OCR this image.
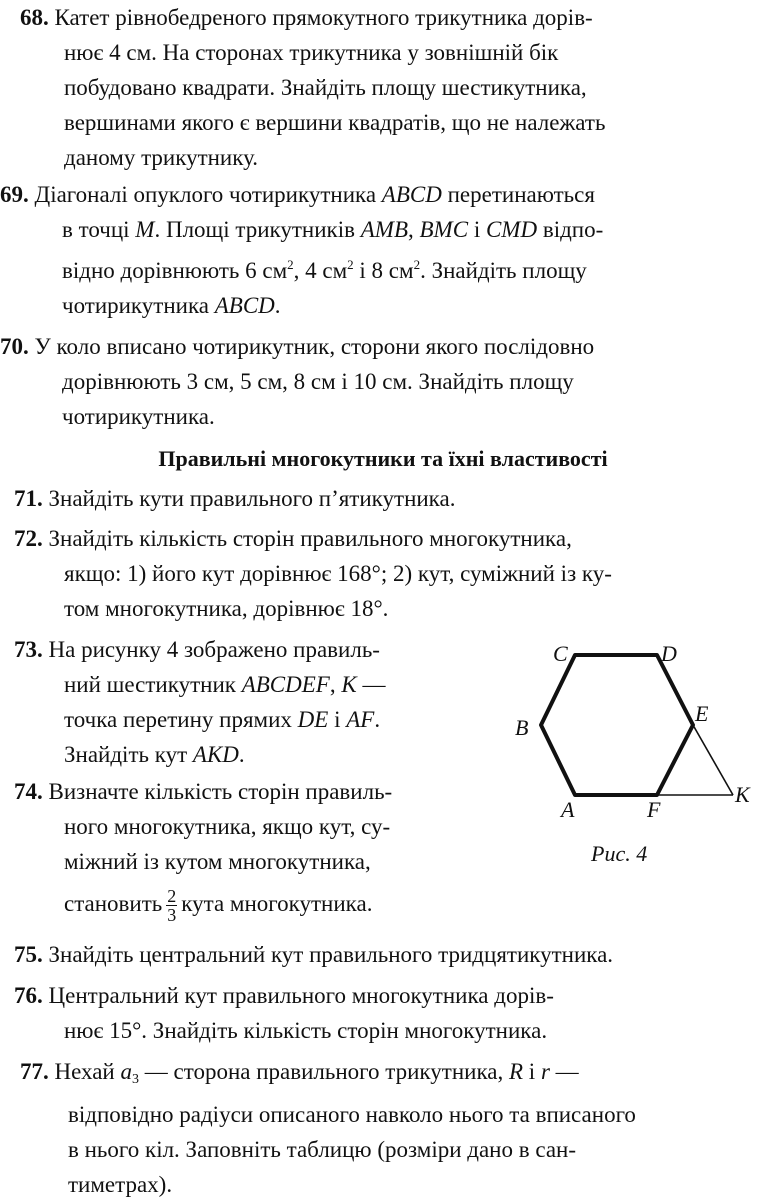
68. Катет рівнобедреного прямокутного трикутника дорів-
нює 4 см. На сторонах трикутника у зовнішній бік
побудовано квадрати. Знайдіть площу шестикутника,
вершинами якого є вершини квадратів, що не належать
даному трикутнику.
69. Діагоналі опуклого чотирикутника ABCD перетинаються
в точці M. Площі трикутників AMB, BMC і CMD відпо-
відно дорівнюють 6 $см^2$, 4 $см^2$ і 8 $см^2$. Знайдіть площу
чотирикутника ABCD.
70. У коло вписано чотирикутник, сторони якого послідовно
дорівнюють 3 см, 5 см, 8 см і 10 см. Знайдіть площу
чотирикутника.
Правильні многокутники та їхні властивості
71. Знайдіть кути правильного п’ятикутника.
72. Знайдіть кількість сторін правильного многокутника,
якщо: 1) його кут дорівнює 168°; 2) кут, суміжний із ку-
том многокутника, дорівнює 18°.
73. На рисунку 4 зображено правиль-
ний шестикутник ABCDEF, K —
точка перетину прямих DE і AF.
Знайдіть кут AKD.
74. Визначте кількість сторін правиль-
ного многокутника, якщо кут, су-
міжний із кутом многокутника,
становить $\frac{2}{3}$ кута многокутника.
C	D
B
E
A	F
K
Рис. 4
75. Знайдіть центральний кут правильного тридцятикутника.
76. Центральний кут правильного многокутника дорів-
нює 15°. Знайдіть кількість сторін многокутника.
77. Нехай $a_3$ — сторона правильного трикутника, R і r —
відповідно радіуси описаного навколо нього та вписаного
в нього кіл. Заповніть таблицю (розміри дано в сан-
тиметрах).
